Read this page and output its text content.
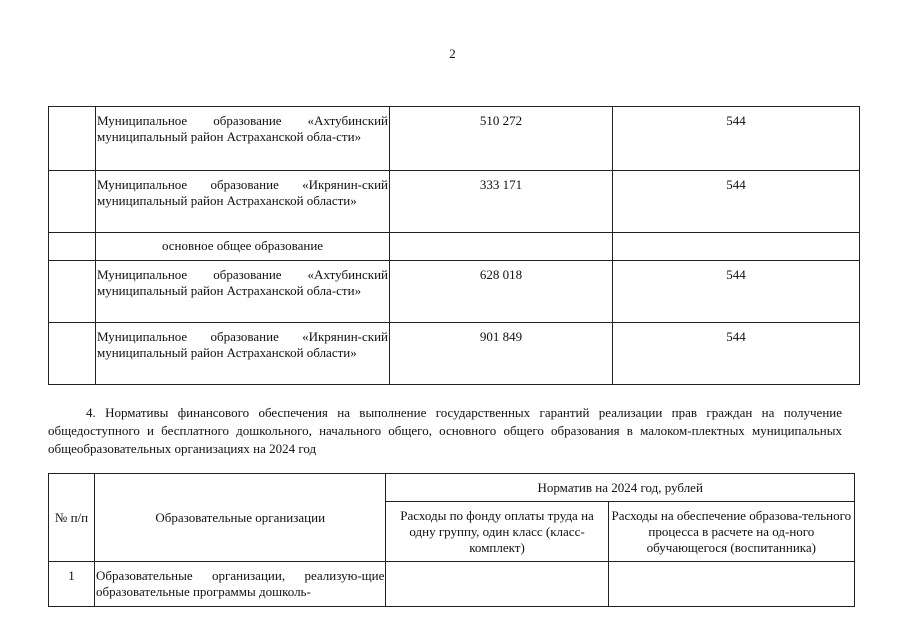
2
	Муниципальное образование «Ахтубинский муниципальный район Астраханской обла-сти»	510 272	544
	Муниципальное образование «Икрянин-ский муниципальный район Астраханской области»	333 171	544
	основное общее образование		
	Муниципальное образование «Ахтубинский муниципальный район Астраханской обла-сти»	628 018	544
	Муниципальное образование «Икрянин-ский муниципальный район Астраханской области»	901 849	544

4. Нормативы финансового обеспечения на выполнение государственных гарантий реализации прав граждан на получение общедоступного и бесплатного дошкольного, начального общего, основного общего образования в малоком-плектных муниципальных общеобразовательных организациях на 2024 год

№ п/п	Образовательные организации	Норматив на 2024 год, рублей	
		Расходы по фонду оплаты труда на одну группу, один класс (класс-комплект)	Расходы на обеспечение образова-тельного процесса в расчете на од-ного обучающегося (воспитанника)
1	Образовательные организации, реализую-щие образовательные программы дошколь-		
